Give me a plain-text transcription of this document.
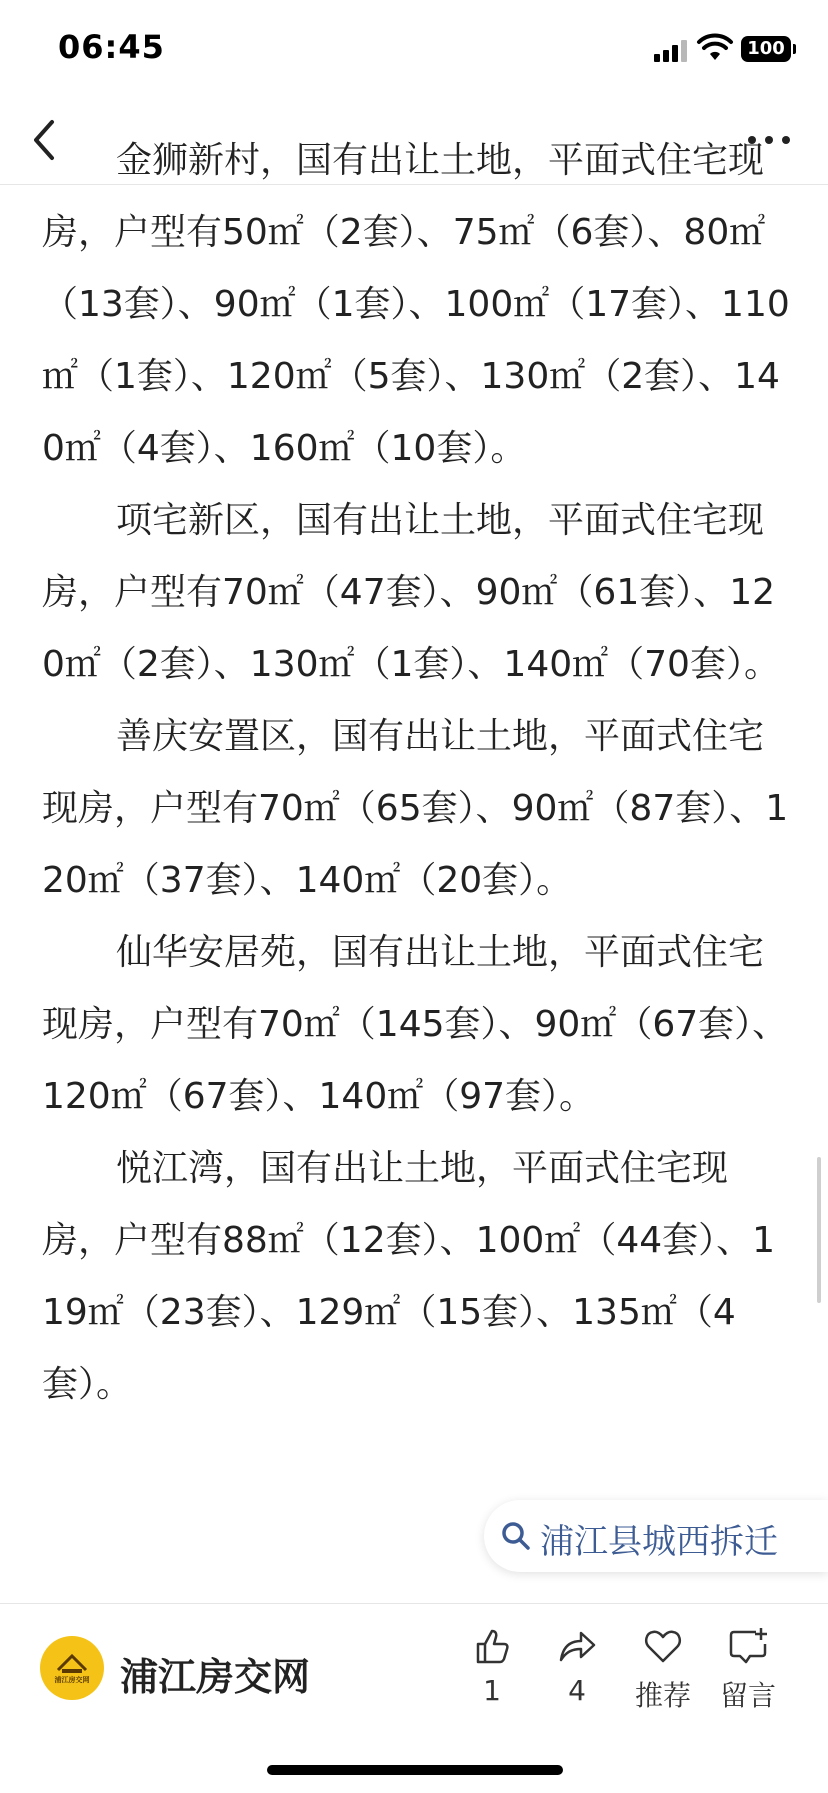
06:45	100

金狮新村，国有出让土地，平面式住宅现房，户型有50㎡（2套）、75㎡（6套）、80㎡（13套）、90㎡（1套）、100㎡（17套）、110㎡（1套）、120㎡（5套）、130㎡（2套）、140㎡（4套）、160㎡（10套）。

项宅新区，国有出让土地，平面式住宅现房，户型有70㎡（47套）、90㎡（61套）、120㎡（2套）、130㎡（1套）、140㎡（70套）。

善庆安置区，国有出让土地，平面式住宅现房，户型有70㎡（65套）、90㎡（87套）、120㎡（37套）、140㎡（20套）。

仙华安居苑，国有出让土地，平面式住宅现房，户型有70㎡（145套）、90㎡（67套）、120㎡（67套）、140㎡（97套）。

悦江湾，国有出让土地，平面式住宅现房，户型有88㎡（12套）、100㎡（44套）、119㎡（23套）、129㎡（15套）、135㎡（4套）。

浦江县城西拆迁
浦江房交网 浦江房交网	1	4	推荐	留言
